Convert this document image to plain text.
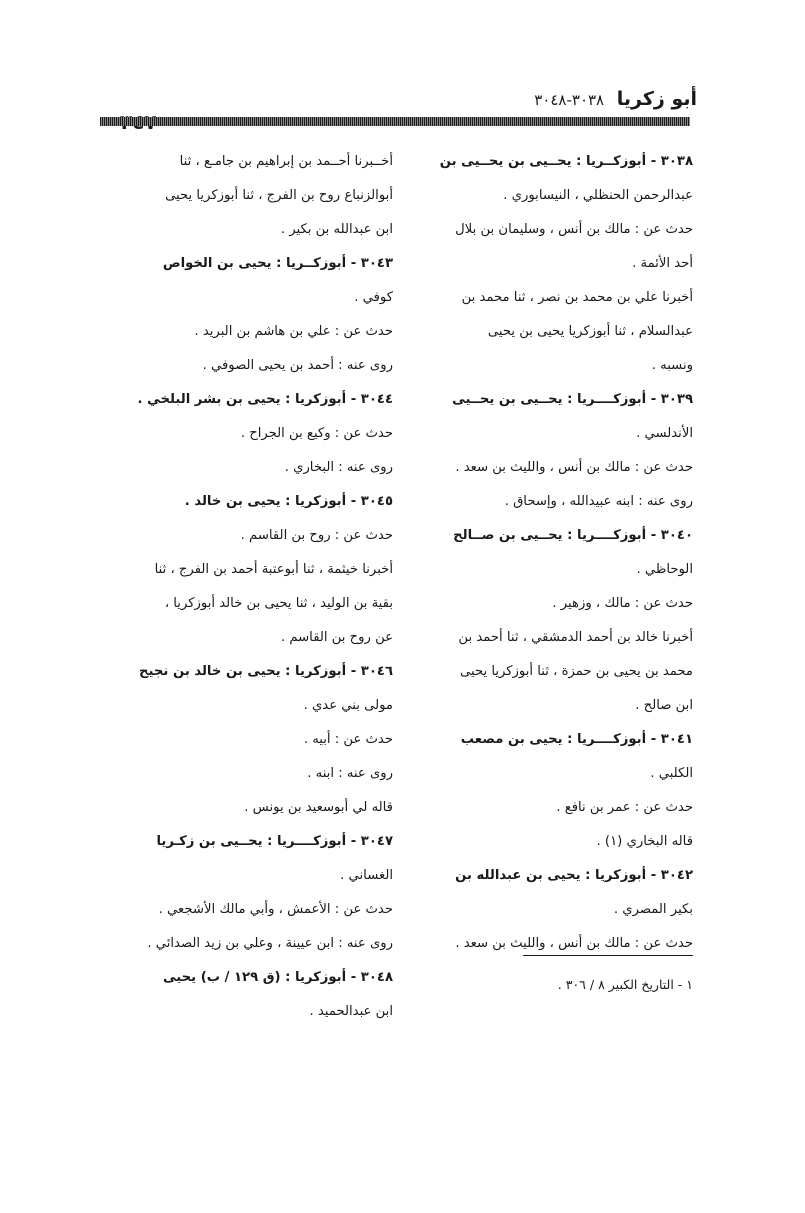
أبو زكريا ٣٠٣٨-٣٠٤٨
٣٠٣٨ - أبوزكــريا : يحــيى بن يحــيى بن
عبدالرحمن الحنظلي ، النيسابوري .
حدث عن : مالك بن أنس ، وسليمان بن بلال
أحد الأئمة .
أخبرنا علي بن محمد بن نصر ، ثنا محمد بن
عبدالسلام ، ثنا أبوزكريا يحيى بن يحيى
ونسبه .
٣٠٣٩ - أبوزكــــريا : يحــيى بن يحــيى
الأندلسي .
حدث عن : مالك بن أنس ، والليث بن سعد .
روى عنه : ابنه عبيدالله ، وإسحاق .
٣٠٤٠ - أبوزكــــريا : يحــيى بن صــالح
الوحاظي .
حدث عن : مالك ، وزهير .
أخبرنا خالد بن أحمد الدمشقي ، ثنا أحمد بن
محمد بن يحيى بن حمزة ، ثنا أبوزكريا يحيى
ابن صالح .
٣٠٤١ - أبوزكــــريا : يحيى بن مصعب
الكلبي .
حدث عن : عمر بن نافع .
قاله البخاري (١) .
٣٠٤٢ - أبوزكريا : يحيى بن عبدالله بن
بكير المصري .
حدث عن : مالك بن أنس ، والليث بن سعد .
أخــبرنا أحــمد بن إبراهيم بن جامـع ، ثنا
أبوالزنباع روح بن الفرج ، ثنا أبوزكريا يحيى
ابن عبدالله بن بكير .
٣٠٤٣ - أبوزكــريا : يحيى بن الخواص
كوفي .
حدث عن : علي بن هاشم بن البريد .
روى عنه : أحمد بن يحيى الصوفي .
٣٠٤٤ - أبوزكريا : يحيى بن بشر البلخي .
حدث عن : وكيع بن الجراح .
روى عنه : البخاري .
٣٠٤٥ - أبوزكريا : يحيى بن خالد .
حدث عن : روح بن القاسم .
أخبرنا خيثمة ، ثنا أبوعتبة أحمد بن الفرج ، ثنا
بقية بن الوليد ، ثنا يحيى بن خالد أبوزكريا ،
عن روح بن القاسم .
٣٠٤٦ - أبوزكريا : يحيى بن خالد بن نجيح
مولى بني عدي .
حدث عن : أبيه .
روى عنه : ابنه .
قاله لي أبوسعيد بن يونس .
٣٠٤٧ - أبوزكــــريا : يحــيى بن زكـريا
الغساني .
حدث عن : الأعمش ، وأبي مالك الأشجعي .
روى عنه : ابن عيينة ، وعلي بن زيد الصدائي .
٣٠٤٨ - أبوزكريا : (ق ١٢٩ / ب) يحيى
ابن عبدالحميد .
١ - التاريخ الكبير ٨ / ٣٠٦ .
